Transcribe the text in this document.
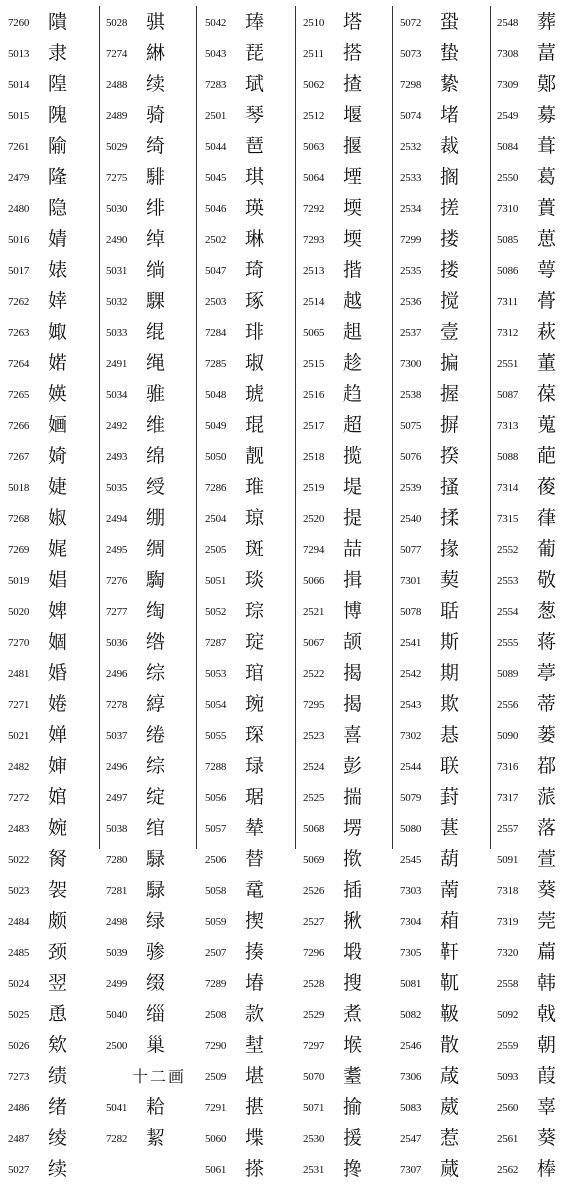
7260 隤
5013 隶
5014 隍
5015 隗
7261 隃
2479 隆
2480 隐
5016 婧
5017 婊
7262 婞
7263 娵
7264 婼
7265 媖
7266 婳
7267 婍
5018 婕
7268 婌
7269 娓
5019 娼
5020 婢
7270 婟
2481 婚
7271 婘
5021 婵
2482 婶
7272 婠
2483 婉
5022 胬
5023 袈
2484 颇
2485 颈
5024 翌
5025 恿
5026 欸
7273 绩
2486 绪
2487 绫
5027 续
5028 骐
7274 綝
2488 续
2489 骑
5029 绮
7275 騑
5030 绯
2490 绰
5031 绱
5032 騍
5033 绲
2491 绳
5034 骓
2492 维
2493 绵
5035 绶
2494 绷
2495 绸
7276 騊
7277 绹
5036 绺
2496 综
7278 綧
5037 绻
2496 综
2497 绽
5038 绾
7280 騄
7281 騄
2498 绿
5039 骖
2499 缀
5040 缁
2500 巢
十二画
5041 耠
7282 絜
5042 琫
5043 琵
7283 珷
2501 琴
5044 琶
5045 琪
5046 瑛
2502 琳
5047 琦
2503 琢
7284 琲
7285 琡
5048 琥
5049 琨
5050 靓
7286 琟
2504 琼
2505 斑
5051 琰
5052 琮
7287 琔
5053 琯
5054 琬
5055 琛
7288 琭
5056 琚
5057 辇
2506 替
5058 鼋
5059 揳
2507 揍
7289 堾
2508 款
7290 堼
2509 堪
7291 揕
5060 堞
5061 搽
2510 塔
2511	搭
5062 揸
2512 堰
5063 揠
5064 堙
7292 堧
7293 堧
2513 揩
2514 越
5065 趄
2515 趁
2516 趋
2517 超
2518 揽
2519 堤
2520 提
7294 喆
5066 揖
2521 博
5067 颉
2522 揭
7295 揭
2523 喜
2524 彭
2525 揣
5068 塄
5069 揿
2526 插
2527 揪
7296 塅
2528 搜
2529 煮
7297 堠
5070 耋
5071 揄
2530 援
2531 搀
5072 蛩
5073 蛰
7298 絷
5074 堵
2532 裁
2533 搁
2534 搓
7299 搂
2535 搂
2536 搅
2537 壹
7300 揙
2538 握
5075 摒
5076 揆
2539 搔
2540 揉
5077 掾
7301 葜
5078 聒
2541 斯
2542 期
2543 欺
7302 惎
2544 联
5079 葑
5080 葚
2545 葫
7303 萳
7304 葙
7305 靬
5081 靰
5082 靸
2546 散
7306 葴
5083 葳
2547 惹
7307 蒇
2548 葬
7308 葍
7309 鄚
2549 募
5084 葺
2550 葛
7310 蕢
5085 葸
5086 萼
7311	蓇
7312 萩
2551 董
5087 葆
7313 蒐
5088 葩
7314 葰
7315 葎
2552 葡
2553 敬
2554 葱
2555 蒋
5089 葶
2556 蒂
5090 蒌
7316 鄀
7317 蒎
2557 落
5091 萱
7318 葵
7319 莞
7320 萹
2558 韩
5092 戟
2559 朝
5093 葭
2560 辜
2561 葵
2562 棒
